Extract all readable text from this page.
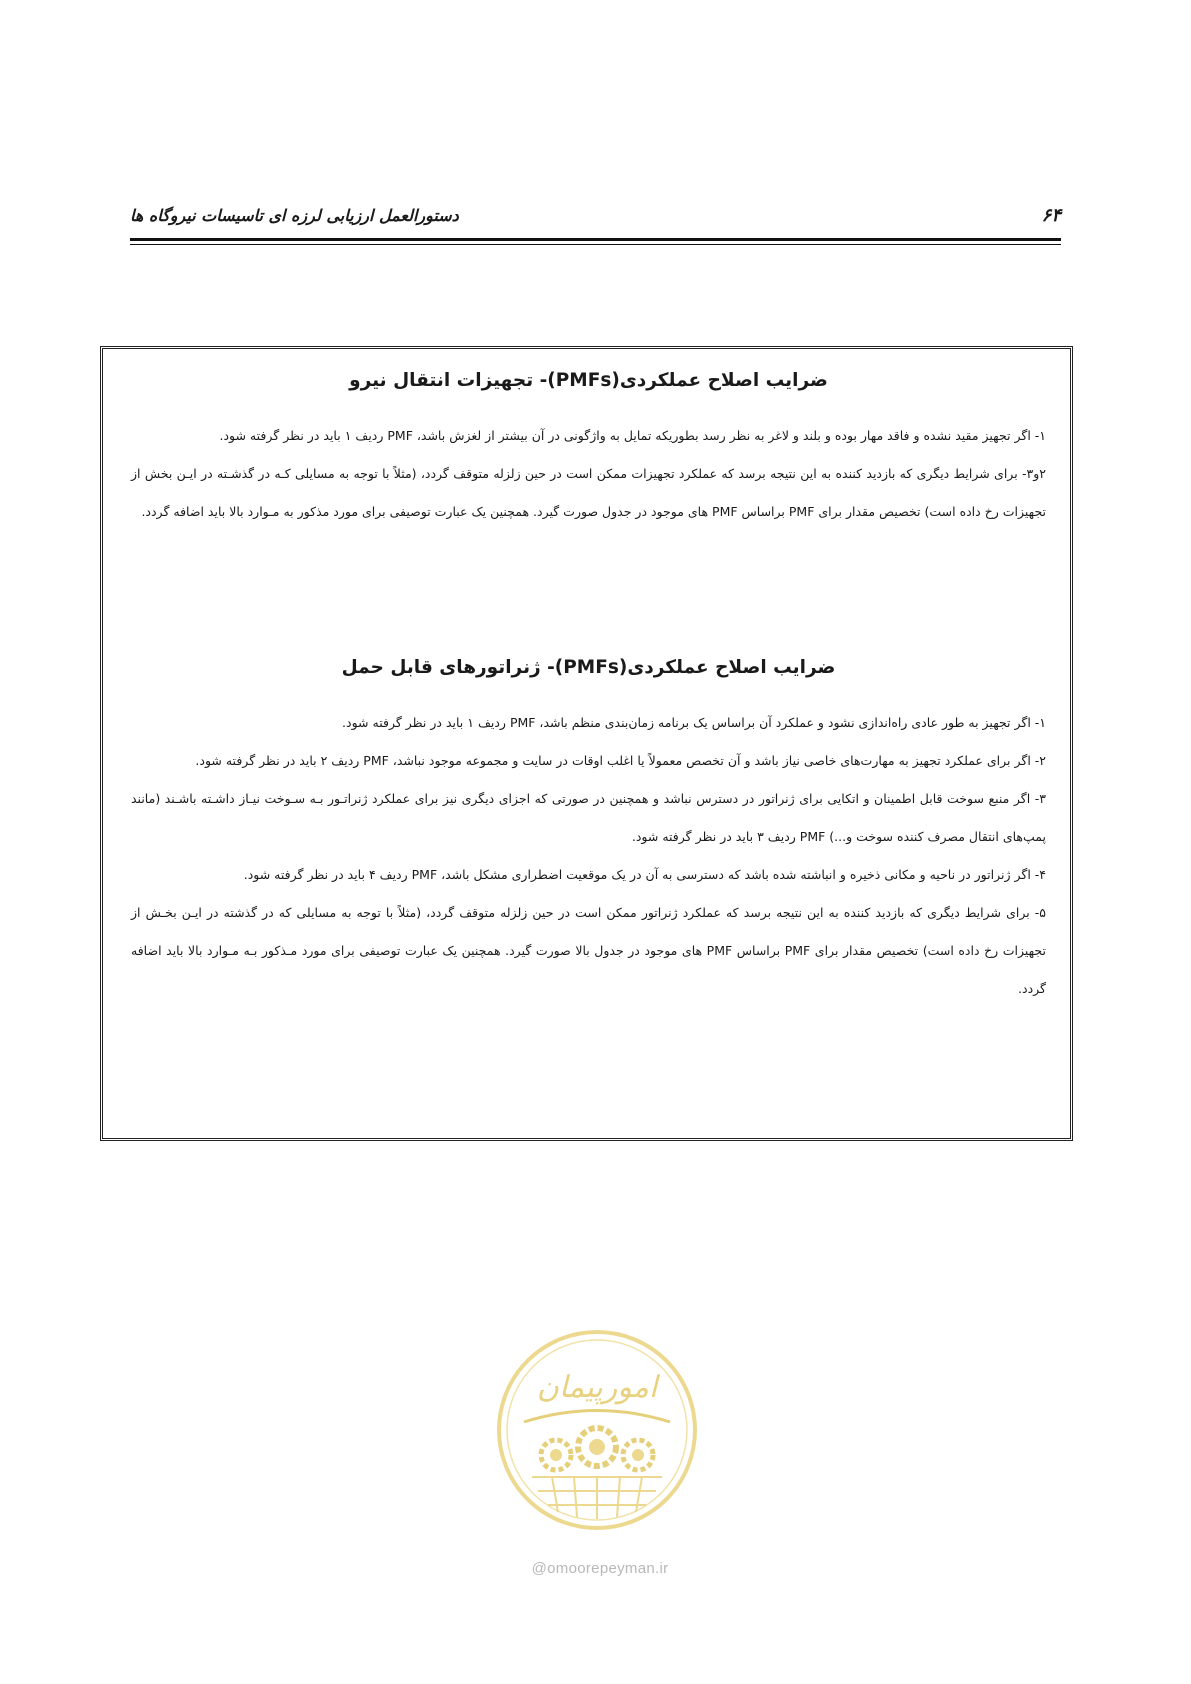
۶۴
دستورالعمل ارزیابی لرزه ای تاسیسات نیروگاه ها
ضرایب اصلاح عملکردی(PMFs)- تجهیزات انتقال نیرو

۱- اگر تجهیز مقید نشده و فاقد مهار بوده و بلند و لاغر به نظر رسد بطوریکه تمایل به واژگونی در آن بیشتر از لغزش باشد، PMF ردیف ۱ باید در نظر گرفته شود.

۲و۳- برای شرایط دیگری که بازدید کننده به این نتیجه برسد که عملکرد تجهیزات ممکن است در حین زلزله متوقف گردد، (مثلاً با توجه به مسایلی کـه در گذشـته در ایـن بخش از تجهیزات رخ داده است) تخصیص مقدار برای PMF براساس PMF های موجود در جدول صورت گیرد. همچنین یک عبارت توصیفی برای مورد مذکور به مـوارد بالا باید اضافه گردد.

ضرایب اصلاح عملکردی(PMFs)- ژنراتورهای قابل حمل

۱- اگر تجهیز به طور عادی راه‌اندازی نشود و عملکرد آن براساس یک برنامه زمان‌بندی منظم باشد، PMF ردیف ۱ باید در نظر گرفته شود.

۲- اگر برای عملکرد تجهیز به مهارت‌های خاصی نیاز باشد و آن تخصص معمولاً یا اغلب اوقات در سایت و مجموعه موجود نباشد، PMF ردیف ۲ باید در نظر گرفته شود.

۳- اگر منبع سوخت قابل اطمینان و اتکایی برای ژنراتور در دسترس نباشد و همچنین در صورتی که اجزای دیگری نیز برای عملکرد ژنراتـور بـه سـوخت نیـاز داشـته باشـند (مانند پمپ‌های انتقال مصرف کننده سوخت و...) PMF ردیف ۳ باید در نظر گرفته شود.

۴- اگر ژنراتور در ناحیه و مکانی ذخیره و انباشته شده باشد که دسترسی به آن در یک موقعیت اضطراری مشکل باشد، PMF ردیف ۴ باید در نظر گرفته شود.

۵- برای شرایط دیگری که بازدید کننده به این نتیجه برسد که عملکرد ژنراتور ممکن است در حین زلزله متوقف گردد، (مثلاً با توجه به مسایلی که در گذشته در ایـن بخـش از تجهیزات رخ داده است) تخصیص مقدار برای PMF براساس PMF های موجود در جدول بالا صورت گیرد. همچنین یک عبارت توصیفی برای مورد مـذکور بـه مـوارد بالا باید اضافه گردد.

امورپیمان
@omoorepeyman.ir
